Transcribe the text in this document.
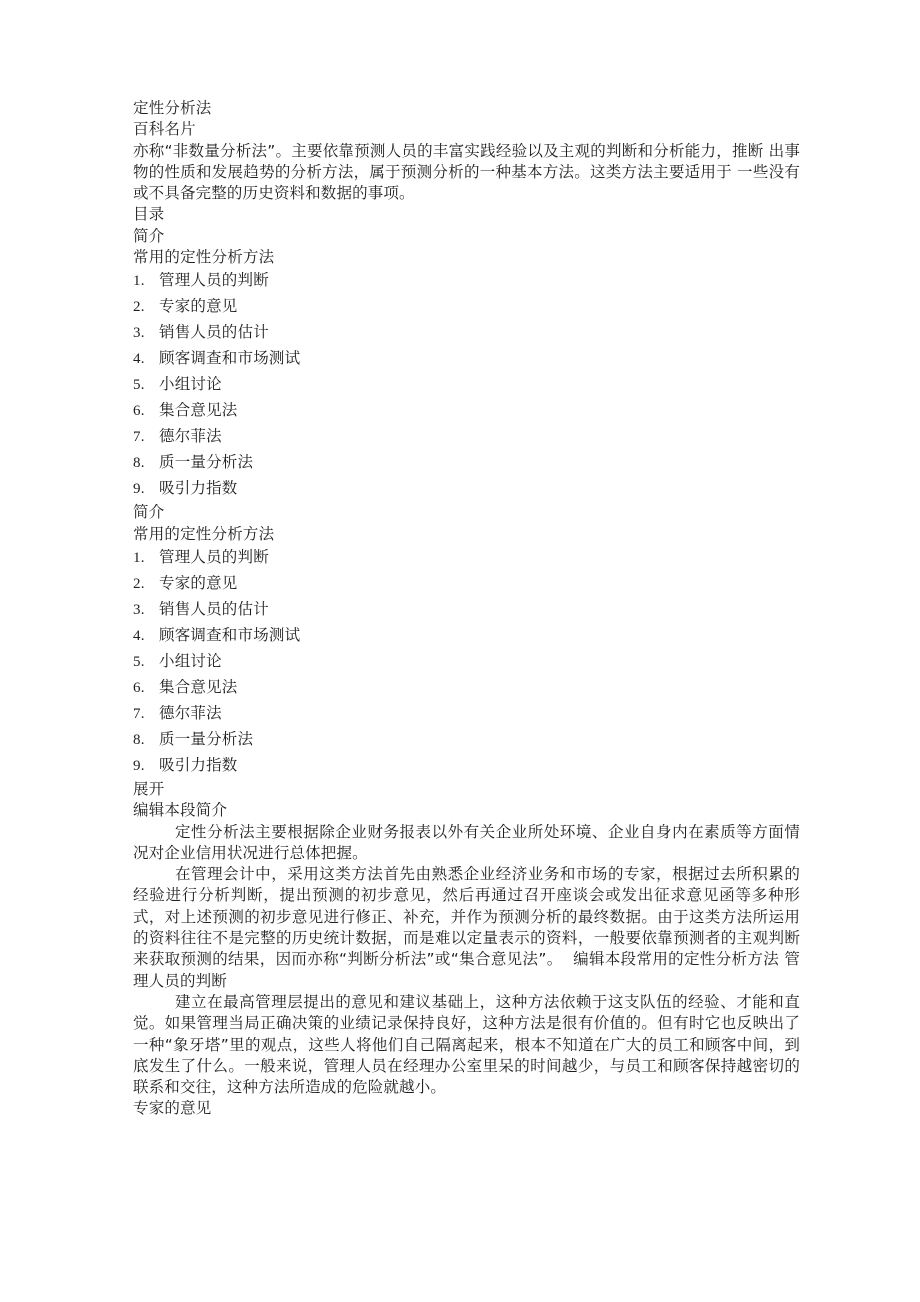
定性分析法
百科名片

亦称“非数量分析法”。主要依靠预测人员的丰富实践经验以及主观的判断和分析能力，推断 出事物的性质和发展趋势的分析方法，属于预测分析的一种基本方法。这类方法主要适用于 一些没有或不具备完整的历史资料和数据的事项。

目录
简介
常用的定性分析方法
1. 管理人员的判断
2. 专家的意见
3. 销售人员的估计
4. 顾客调查和市场测试
5. 小组讨论
6. 集合意见法
7. 德尔菲法
8. 质一量分析法
9. 吸引力指数
简介
常用的定性分析方法
1. 管理人员的判断
2. 专家的意见
3. 销售人员的估计
4. 顾客调查和市场测试
5. 小组讨论
6. 集合意见法
7. 德尔菲法
8. 质一量分析法
9. 吸引力指数
展开
编辑本段简介

定性分析法主要根据除企业财务报表以外有关企业所处环境、企业自身内在素质等方面情况对企业信用状况进行总体把握。

在管理会计中，采用这类方法首先由熟悉企业经济业务和市场的专家，根据过去所积累的经验进行分析判断，提出预测的初步意见，然后再通过召开座谈会或发出征求意见函等多种形式，对上述预测的初步意见进行修正、补充，并作为预测分析的最终数据。由于这类方法所运用的资料往往不是完整的历史统计数据，而是难以定量表示的资料，一般要依靠预测者的主观判断来获取预测的结果，因而亦称“判断分析法”或“集合意见法”。  编辑本段常用的定性分析方法 管理人员的判断

建立在最高管理层提出的意见和建议基础上，这种方法依赖于这支队伍的经验、才能和直觉。如果管理当局正确决策的业绩记录保持良好，这种方法是很有价值的。但有时它也反映出了一种“象牙塔”里的观点，这些人将他们自己隔离起来，根本不知道在广大的员工和顾客中间，到底发生了什么。一般来说，管理人员在经理办公室里呆的时间越少，与员工和顾客保持越密切的联系和交往，这种方法所造成的危险就越小。

专家的意见
